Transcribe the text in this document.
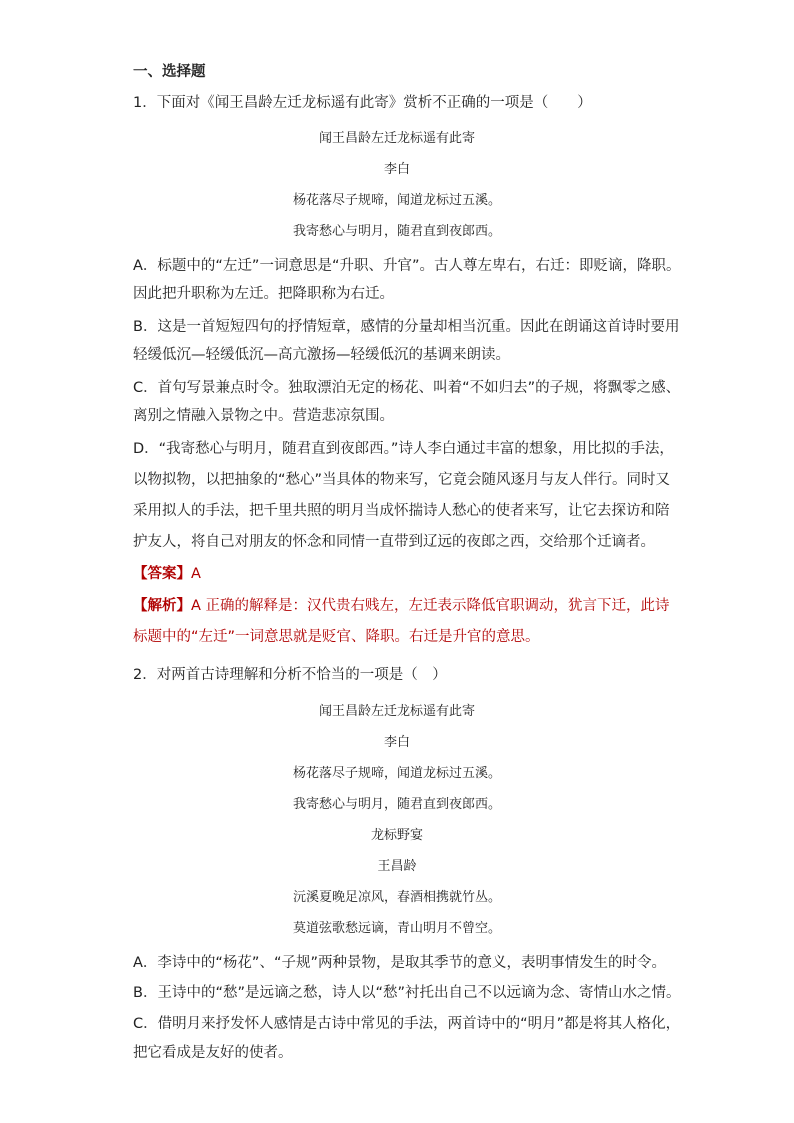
一、选择题
1．下面对《闻王昌龄左迁龙标遥有此寄》赏析不正确的一项是（　　）
闻王昌龄左迁龙标遥有此寄
李白
杨花落尽子规啼，闻道龙标过五溪。
我寄愁心与明月，随君直到夜郎西。
A．标题中的“左迁”一词意思是“升职、升官”。古人尊左卑右，右迁：即贬谪，降职。
因此把升职称为左迁。把降职称为右迁。
B．这是一首短短四句的抒情短章，感情的分量却相当沉重。因此在朗诵这首诗时要用
轻缓低沉—轻缓低沉—高亢激扬—轻缓低沉的基调来朗读。
C．首句写景兼点时令。独取漂泊无定的杨花、叫着“不如归去”的子规，将飘零之感、
离别之情融入景物之中。营造悲凉氛围。
D．“我寄愁心与明月，随君直到夜郎西。”诗人李白通过丰富的想象，用比拟的手法，
以物拟物，以把抽象的“愁心”当具体的物来写，它竟会随风逐月与友人伴行。同时又
采用拟人的手法，把千里共照的明月当成怀揣诗人愁心的使者来写，让它去探访和陪
护友人，将自己对朋友的怀念和同情一直带到辽远的夜郎之西，交给那个迁谪者。
【答案】A
【解析】A 正确的解释是：汉代贵右贱左，左迁表示降低官职调动，犹言下迁，此诗
标题中的“左迁”一词意思就是贬官、降职。右迁是升官的意思。
2．对两首古诗理解和分析不恰当的一项是（　）
闻王昌龄左迁龙标遥有此寄
李白
杨花落尽子规啼，闻道龙标过五溪。
我寄愁心与明月，随君直到夜郎西。
龙标野宴
王昌龄
沅溪夏晚足凉风，春酒相携就竹丛。
莫道弦歌愁远谪，青山明月不曾空。
A．李诗中的“杨花”、“子规”两种景物，是取其季节的意义，表明事情发生的时令。
B．王诗中的“愁”是远谪之愁，诗人以“愁”衬托出自己不以远谪为念、寄情山水之情。
C．借明月来抒发怀人感情是古诗中常见的手法，两首诗中的“明月”都是将其人格化，
把它看成是友好的使者。
